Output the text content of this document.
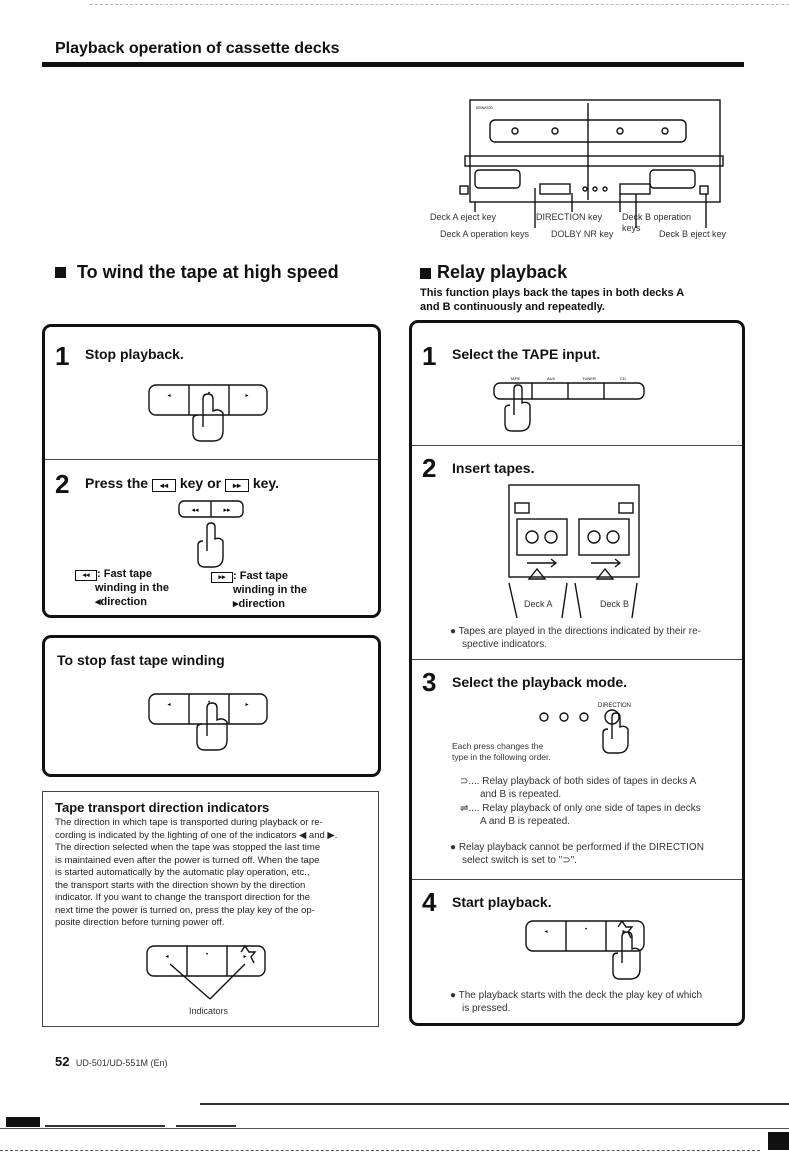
Playback operation of cassette decks
KENWOOD
Deck A eject key	DIRECTION key Deck B operation
keys
Deck A operation keys DOLBY NR key	Deck B eject key
To wind the tape at high speed
1 Stop playback.
◂	•	▸
2 Press the ◂◂ key or ▸▸ key.
◂◂	▸▸
◂◂ : Fast tape
winding in the
◂direction
▸▸ : Fast tape
winding in the
▸direction
To stop fast tape winding
◂	•	▸
Tape transport direction indicators
The direction in which tape is transported during playback or re-
cording is indicated by the lighting of one of the indicators ◀ and ▶.
The direction selected when the tape was stopped the last time
is maintained even after the power is turned off. When the tape
is started automatically by the automatic play operation, etc.,
the transport starts with the direction shown by the direction
indicator. If you want to change the transport direction for the
next time the power is turned on, press the play key of the op-
posite direction before turning power off.
◂	•	▸
Indicators
Relay playback
This function plays back the tapes in both decks A
and B continuously and repeatedly.
1 Select the TAPE input.
TAPE	AUX	TUNER	CD
2 Insert tapes.
Deck A	Deck B
● Tapes are played in the directions indicated by their re-
spective indicators.
3 Select the playback mode.
DIRECTION
Each press changes the
type in the following order.
⊃.... Relay playback of both sides of tapes in decks A
and B is repeated.
⇌.... Relay playback of only one side of tapes in decks
A and B is repeated.
● Relay playback cannot be performed if the DIRECTION
select switch is set to "⊃".
4 Start playback.
◂	•	▸
● The playback starts with the deck the play key of which
is pressed.
52 UD-501/UD-551M (En)
